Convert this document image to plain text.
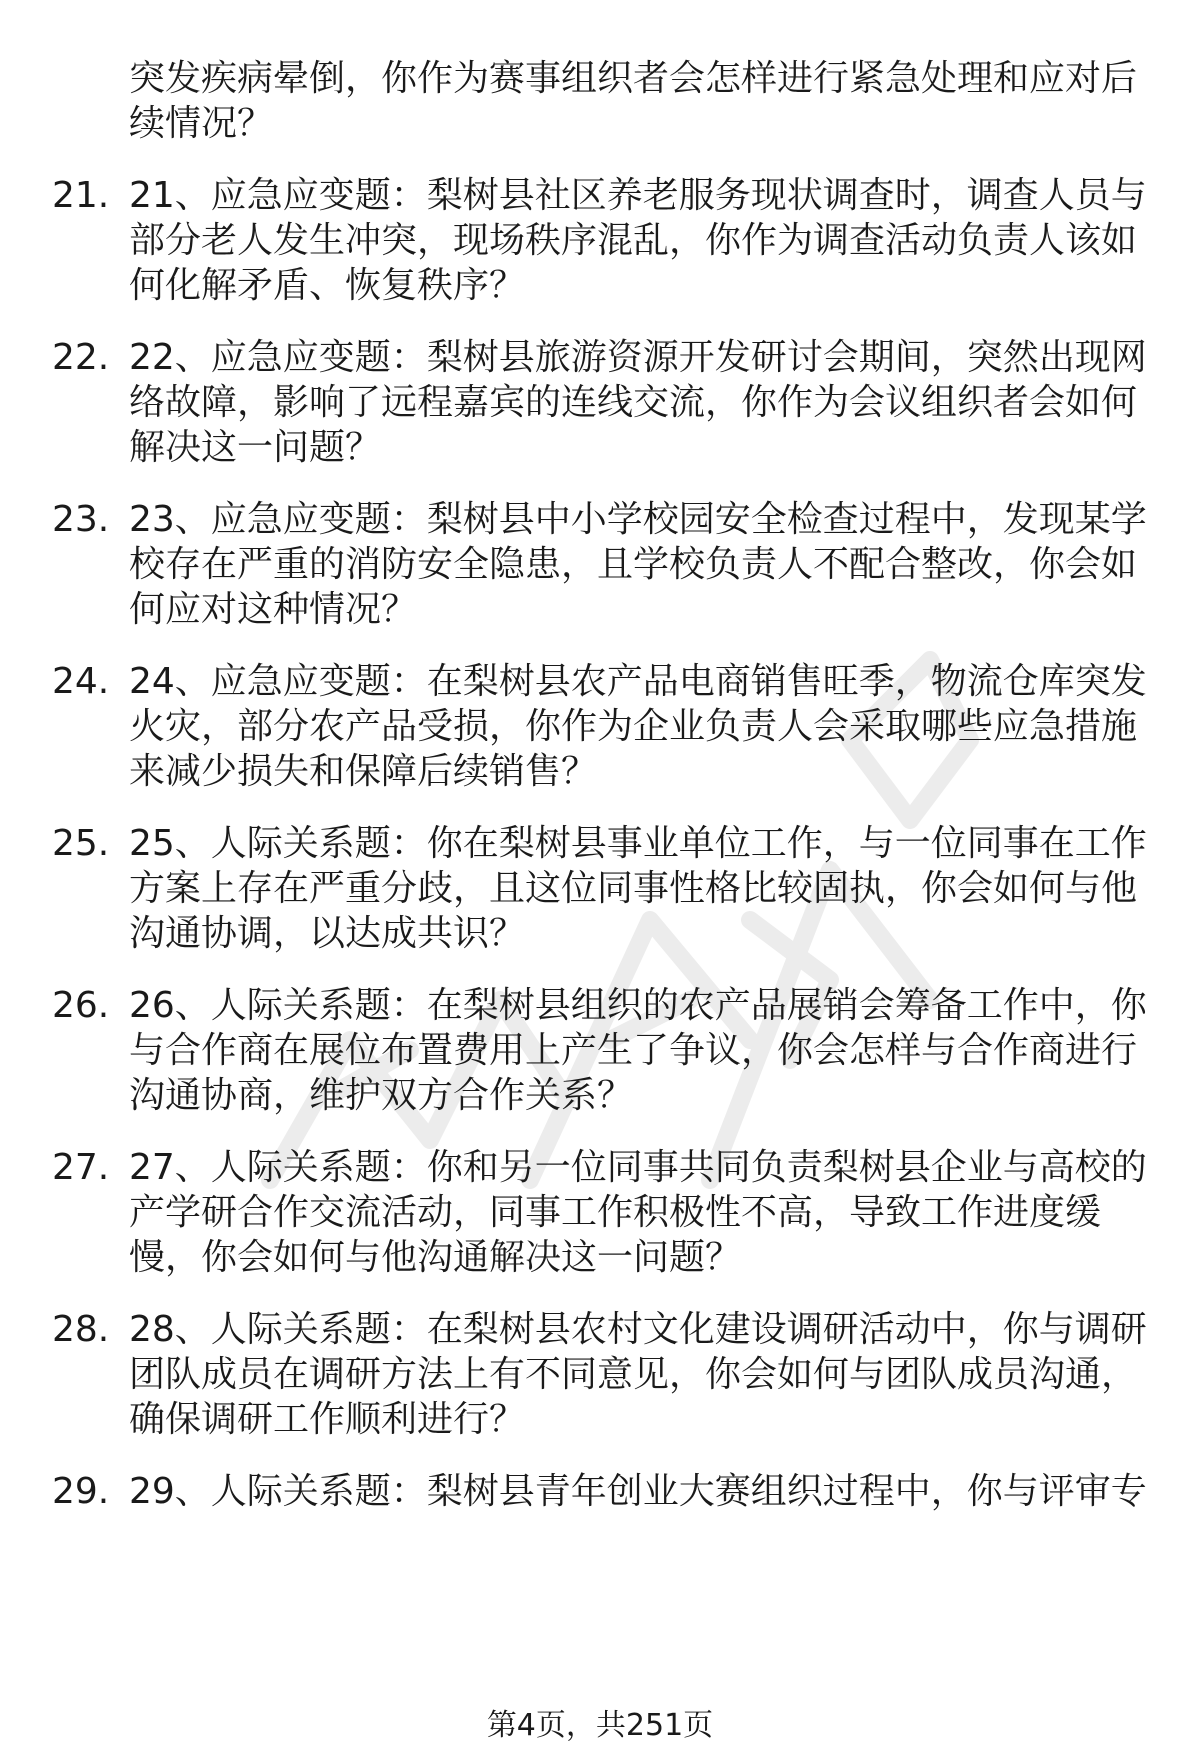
突发疾病晕倒，你作为赛事组织者会怎样进行紧急处理和应对后
续情况？
21. 21、应急应变题：梨树县社区养老服务现状调查时，调查人员与
部分老人发生冲突，现场秩序混乱，你作为调查活动负责人该如
何化解矛盾、恢复秩序？
22. 22、应急应变题：梨树县旅游资源开发研讨会期间，突然出现网
络故障，影响了远程嘉宾的连线交流，你作为会议组织者会如何
解决这一问题？
23. 23、应急应变题：梨树县中小学校园安全检查过程中，发现某学
校存在严重的消防安全隐患，且学校负责人不配合整改，你会如
何应对这种情况？
24. 24、应急应变题：在梨树县农产品电商销售旺季，物流仓库突发
火灾，部分农产品受损，你作为企业负责人会采取哪些应急措施
来减少损失和保障后续销售？
25. 25、人际关系题：你在梨树县事业单位工作，与一位同事在工作
方案上存在严重分歧，且这位同事性格比较固执，你会如何与他
沟通协调，以达成共识？
26. 26、人际关系题：在梨树县组织的农产品展销会筹备工作中，你
与合作商在展位布置费用上产生了争议，你会怎样与合作商进行
沟通协商，维护双方合作关系？
27. 27、人际关系题：你和另一位同事共同负责梨树县企业与高校的
产学研合作交流活动，同事工作积极性不高，导致工作进度缓
慢，你会如何与他沟通解决这一问题？
28. 28、人际关系题：在梨树县农村文化建设调研活动中，你与调研
团队成员在调研方法上有不同意见，你会如何与团队成员沟通，
确保调研工作顺利进行？
29. 29、人际关系题：梨树县青年创业大赛组织过程中，你与评审专
第4页，共251页
